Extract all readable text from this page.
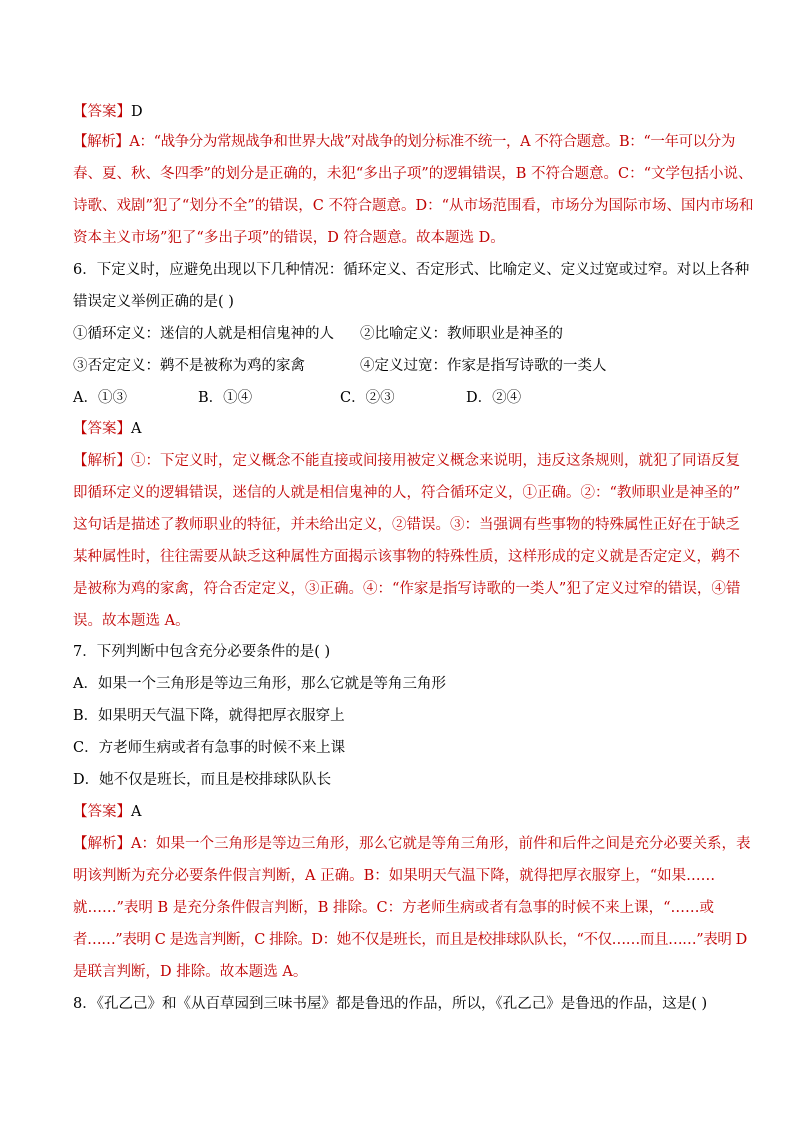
【答案】D
【解析】A：“战争分为常规战争和世界大战”对战争的划分标准不统一，A 不符合题意。B：“一年可以分为
春、夏、秋、冬四季”的划分是正确的，未犯“多出子项”的逻辑错误，B 不符合题意。C：“文学包括小说、
诗歌、戏剧”犯了“划分不全”的错误，C 不符合题意。D：“从市场范围看，市场分为国际市场、国内市场和
资本主义市场”犯了“多出子项”的错误，D 符合题意。故本题选 D。
6．下定义时，应避免出现以下几种情况：循环定义、否定形式、比喻定义、定义过宽或过窄。对以上各种
错误定义举例正确的是( )
①循环定义：迷信的人就是相信鬼神的人 ②比喻定义：教师职业是神圣的
③否定定义：鹈不是被称为鸡的家禽	④定义过宽：作家是指写诗歌的一类人
A．①③	B．①④	C．②③	D．②④
【答案】A
【解析】①：下定义时，定义概念不能直接或间接用被定义概念来说明，违反这条规则，就犯了同语反复
即循环定义的逻辑错误，迷信的人就是相信鬼神的人，符合循环定义，①正确。②：“教师职业是神圣的”
这句话是描述了教师职业的特征，并未给出定义，②错误。③：当强调有些事物的特殊属性正好在于缺乏
某种属性时，往往需要从缺乏这种属性方面揭示该事物的特殊性质，这样形成的定义就是否定定义，鹈不
是被称为鸡的家禽，符合否定定义，③正确。④：“作家是指写诗歌的一类人”犯了定义过窄的错误，④错
误。故本题选 A。
7．下列判断中包含充分必要条件的是( )
A．如果一个三角形是等边三角形，那么它就是等角三角形
B．如果明天气温下降，就得把厚衣服穿上
C．方老师生病或者有急事的时候不来上课
D．她不仅是班长，而且是校排球队队长
【答案】A
【解析】A：如果一个三角形是等边三角形，那么它就是等角三角形，前件和后件之间是充分必要关系，表
明该判断为充分必要条件假言判断，A 正确。B：如果明天气温下降，就得把厚衣服穿上，“如果……
就……”表明 B 是充分条件假言判断，B 排除。C：方老师生病或者有急事的时候不来上课，“……或
者……”表明 C 是选言判断，C 排除。D：她不仅是班长，而且是校排球队队长，“不仅……而且……”表明 D
是联言判断，D 排除。故本题选 A。
8．《孔乙己》和《从百草园到三味书屋》都是鲁迅的作品，所以，《孔乙己》是鲁迅的作品，这是( )
